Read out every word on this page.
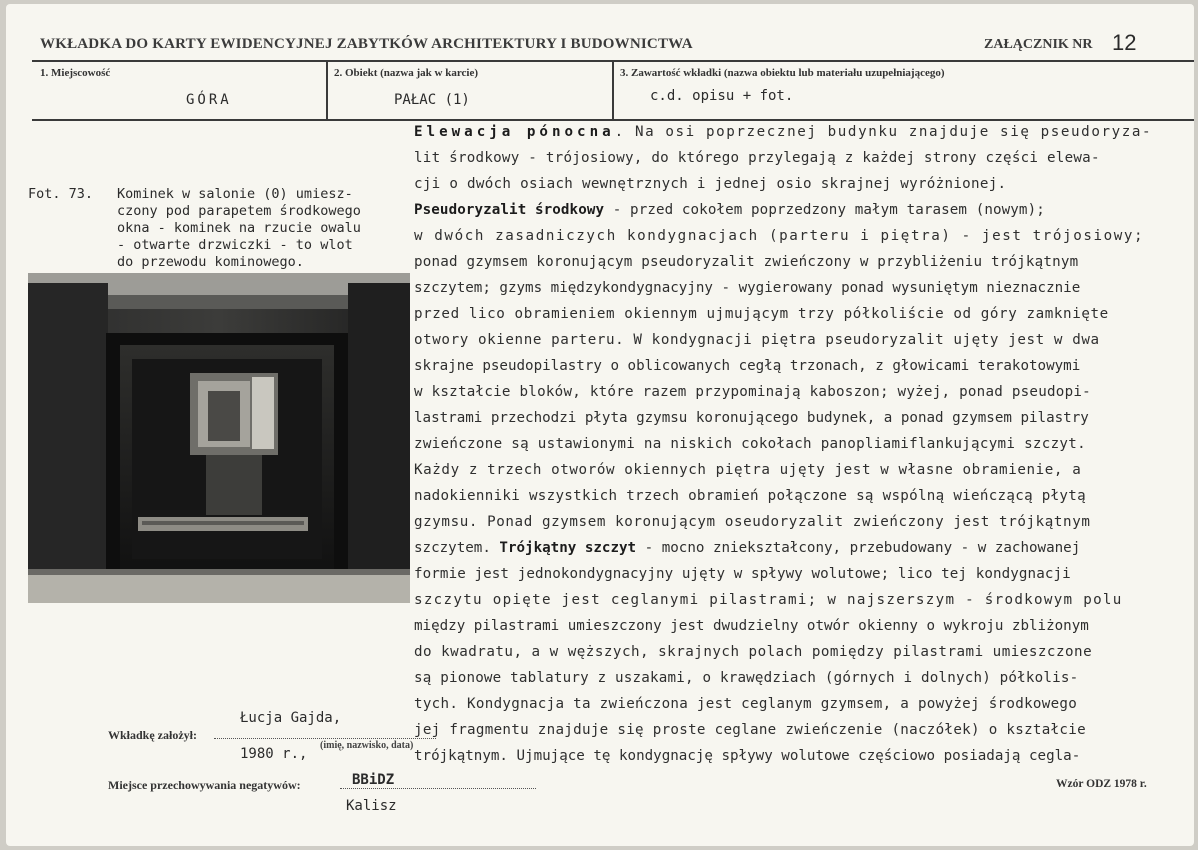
WKŁADKA DO KARTY EWIDENCYJNEJ ZABYTKÓW ARCHITEKTURY I BUDOWNICTWA	ZAŁĄCZNIK NR 12
1. Miejscowość
GÓRA
2. Obiekt (nazwa jak w karcie)
PAŁAC (1)
3. Zawartość wkładki (nazwa obiektu lub materiału uzupełniającego)
c.d. opisu + fot.
Fot. 73. Kominek w salonie (0) umiesz-
czony pod parapetem środkowego
okna - kominek na rzucie owalu
- otwarte drzwiczki - to wlot
do przewodu kominowego.
Elewacja pónocna. Na osi poprzecznej budynku znajduje się pseudoryza-
lit środkowy - trójosiowy, do którego przylegają z każdej strony części elewa-
cji o dwóch osiach wewnętrznych i jednej osio skrajnej wyróżnionej.
Pseudoryzalit środkowy - przed cokołem poprzedzony małym tarasem (nowym);
w dwóch zasadniczych kondygnacjach (parteru i piętra) - jest trójosiowy;
ponad gzymsem koronującym pseudoryzalit zwieńczony w przybliżeniu trójkątnym
szczytem; gzyms międzykondygnacyjny - wygierowany ponad wysuniętym nieznacznie
przed lico obramieniem okiennym ujmującym trzy półkoliście od góry zamknięte
otwory okienne parteru. W kondygnacji piętra pseudoryzalit ujęty jest w dwa
skrajne pseudopilastry o oblicowanych cegłą trzonach, z głowicami terakotowymi
w kształcie bloków, które razem przypominają kaboszon; wyżej, ponad pseudopi-
lastrami przechodzi płyta gzymsu koronującego budynek, a ponad gzymsem pilastry
zwieńczone są ustawionymi na niskich cokołach panopliamiflankującymi szczyt.
Każdy z trzech otworów okiennych piętra ujęty jest w własne obramienie, a
nadokienniki wszystkich trzech obramień połączone są wspólną wieńczącą płytą
gzymsu. Ponad gzymsem koronującym oseudoryzalit zwieńczony jest trójkątnym
szczytem. Trójkątny szczyt - mocno zniekształcony, przebudowany - w zachowanej
formie jest jednokondygnacyjny ujęty w spływy wolutowe; lico tej kondygnacji
szczytu opięte jest ceglanymi pilastrami; w najszerszym - środkowym polu
między pilastrami umieszczony jest dwudzielny otwór okienny o wykroju zbliżonym
do kwadratu, a w węższych, skrajnych polach pomiędzy pilastrami umieszczone
są pionowe tablatury z uszakami, o krawędziach (górnych i dolnych) półkolis-
tych. Kondygnacja ta zwieńczona jest ceglanym gzymsem, a powyżej środkowego
jej fragmentu znajduje się proste ceglane zwieńczenie (naczółek) o kształcie
trójkątnym. Ujmujące tę kondygnację spływy wolutowe częściowo posiadają cegla-
Wkładkę założył:
Łucja Gajda,
1980 r.,
(imię, nazwisko, data)
Miejsce przechowywania negatywów:	BBiDZ
Kalisz
Wzór ODZ 1978 r.
